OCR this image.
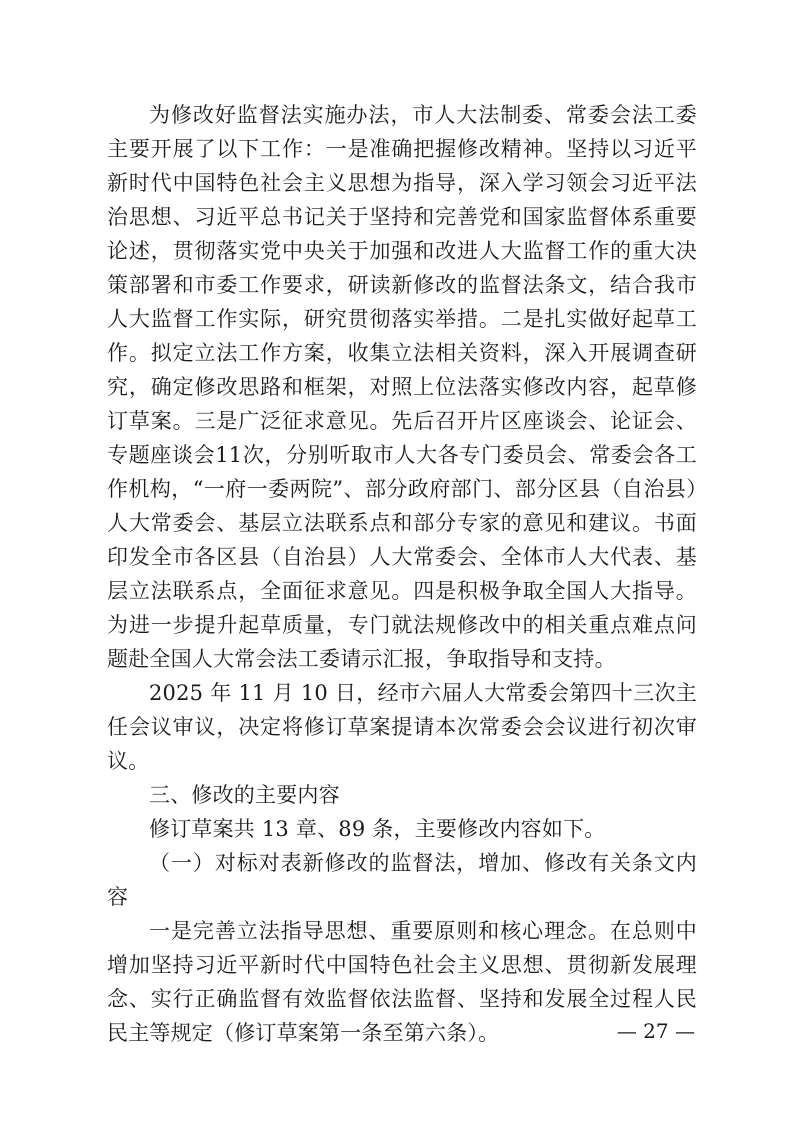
为修改好监督法实施办法，市人大法制委、常委会法工委主要开展了以下工作：一是准确把握修改精神。坚持以习近平新时代中国特色社会主义思想为指导，深入学习领会习近平法治思想、习近平总书记关于坚持和完善党和国家监督体系重要论述，贯彻落实党中央关于加强和改进人大监督工作的重大决策部署和市委工作要求，研读新修改的监督法条文，结合我市人大监督工作实际，研究贯彻落实举措。二是扎实做好起草工作。拟定立法工作方案，收集立法相关资料，深入开展调查研究，确定修改思路和框架，对照上位法落实修改内容，起草修订草案。三是广泛征求意见。先后召开片区座谈会、论证会、专题座谈会11次，分别听取市人大各专门委员会、常委会各工作机构，“一府一委两院”、部分政府部门、部分区县（自治县）人大常委会、基层立法联系点和部分专家的意见和建议。书面印发全市各区县（自治县）人大常委会、全体市人大代表、基层立法联系点，全面征求意见。四是积极争取全国人大指导。为进一步提升起草质量，专门就法规修改中的相关重点难点问题赴全国人大常会法工委请示汇报，争取指导和支持。

2025 年 11 月 10 日，经市六届人大常委会第四十三次主任会议审议，决定将修订草案提请本次常委会会议进行初次审议。

三、修改的主要内容

修订草案共 13 章、89 条，主要修改内容如下。

（一）对标对表新修改的监督法，增加、修改有关条文内容

一是完善立法指导思想、重要原则和核心理念。在总则中增加坚持习近平新时代中国特色社会主义思想、贯彻新发展理念、实行正确监督有效监督依法监督、坚持和发展全过程人民民主等规定（修订草案第一条至第六条）。	— 27 —
